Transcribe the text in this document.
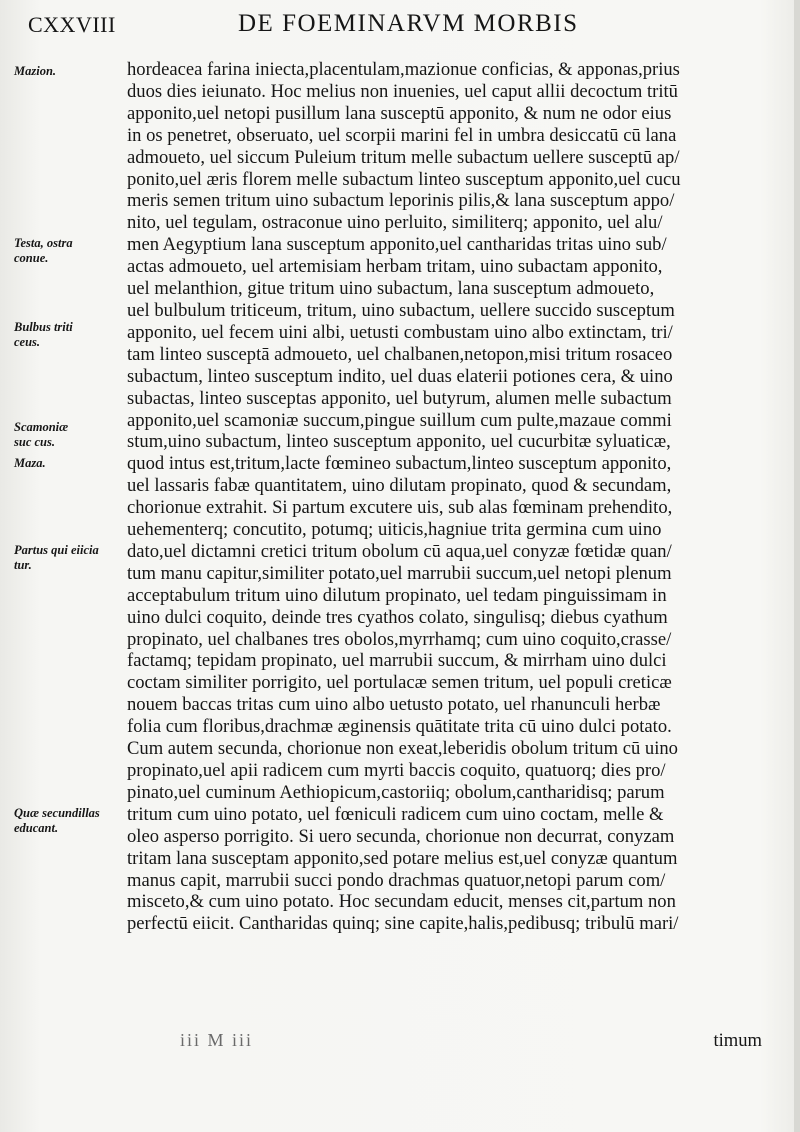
CXXVIII	DE FOEMINARVM MORBIS
Mazion.
Testa, ostra conue.
Bulbus triti ceus.
Scamoniæ suc cus.
Maza.
Partus qui eiicia tur.
Quæ secundillas educant.
hordeacea farina iniecta,placentulam,mazionue conficias, & apponas,prius
duos dies ieiunato. Hoc melius non inuenies, uel caput allii decoctum tritū
apponito,uel netopi pusillum lana susceptū apponito, & num ne odor eius
in os penetret, obseruato, uel scorpii marini fel in umbra desiccatū cū lana
admoueto, uel siccum Puleium tritum melle subactum uellere susceptū ap/
ponito,uel æris florem melle subactum linteo susceptum apponito,uel cucu
meris semen tritum uino subactum leporinis pilis,& lana susceptum appo/
nito, uel tegulam, ostraconue uino perluito, similiterq; apponito, uel alu/
men Aegyptium lana susceptum apponito,uel cantharidas tritas uino sub/
actas admoueto, uel artemisiam herbam tritam, uino subactam apponito,
uel melanthion, gitue tritum uino subactum, lana susceptum admoueto,
uel bulbulum triticeum, tritum, uino subactum, uellere succido susceptum
apponito, uel fecem uini albi, uetusti combustam uino albo extinctam, tri/
tam linteo susceptā admoueto, uel chalbanen,netopon,misi tritum rosaceo
subactum, linteo susceptum indito, uel duas elaterii potiones cera, & uino
subactas, linteo susceptas apponito, uel butyrum, alumen melle subactum
apponito,uel scamoniæ succum,pingue suillum cum pulte,mazaue commi
stum,uino subactum, linteo susceptum apponito, uel cucurbitæ syluaticæ,
quod intus est,tritum,lacte fœmineo subactum,linteo susceptum apponito,
uel lassaris fabæ quantitatem, uino dilutam propinato, quod & secundam,
chorionue extrahit. Si partum excutere uis, sub alas fœminam prehendito,
uehementerq; concutito, potumq; uiticis,hagniue trita germina cum uino
dato,uel dictamni cretici tritum obolum cū aqua,uel conyzæ fœtidæ quan/
tum manu capitur,similiter potato,uel marrubii succum,uel netopi plenum
acceptabulum tritum uino dilutum propinato, uel tedam pinguissimam in
uino dulci coquito, deinde tres cyathos colato, singulisq; diebus cyathum
propinato, uel chalbanes tres obolos,myrrhamq; cum uino coquito,crasse/
factamq; tepidam propinato, uel marrubii succum, & mirrham uino dulci
coctam similiter porrigito, uel portulacæ semen tritum, uel populi creticæ
nouem baccas tritas cum uino albo uetusto potato, uel rhanunculi herbæ
folia cum floribus,drachmæ æginensis quātitate trita cū uino dulci potato.
Cum autem secunda, chorionue non exeat,leberidis obolum tritum cū uino
propinato,uel apii radicem cum myrti baccis coquito, quatuorq; dies pro/
pinato,uel cuminum Aethiopicum,castoriiq; obolum,cantharidisq; parum
tritum cum uino potato, uel fœniculi radicem cum uino coctam, melle &
oleo asperso porrigito. Si uero secunda, chorionue non decurrat, conyzam
tritam lana susceptam apponito,sed potare melius est,uel conyzæ quantum
manus capit, marrubii succi pondo drachmas quatuor,netopi parum com/
misceto,& cum uino potato. Hoc secundam educit, menses cit,partum non
perfectū eiicit. Cantharidas quinq; sine capite,halis,pedibusq; tribulū mari/
iii M iii	timum
